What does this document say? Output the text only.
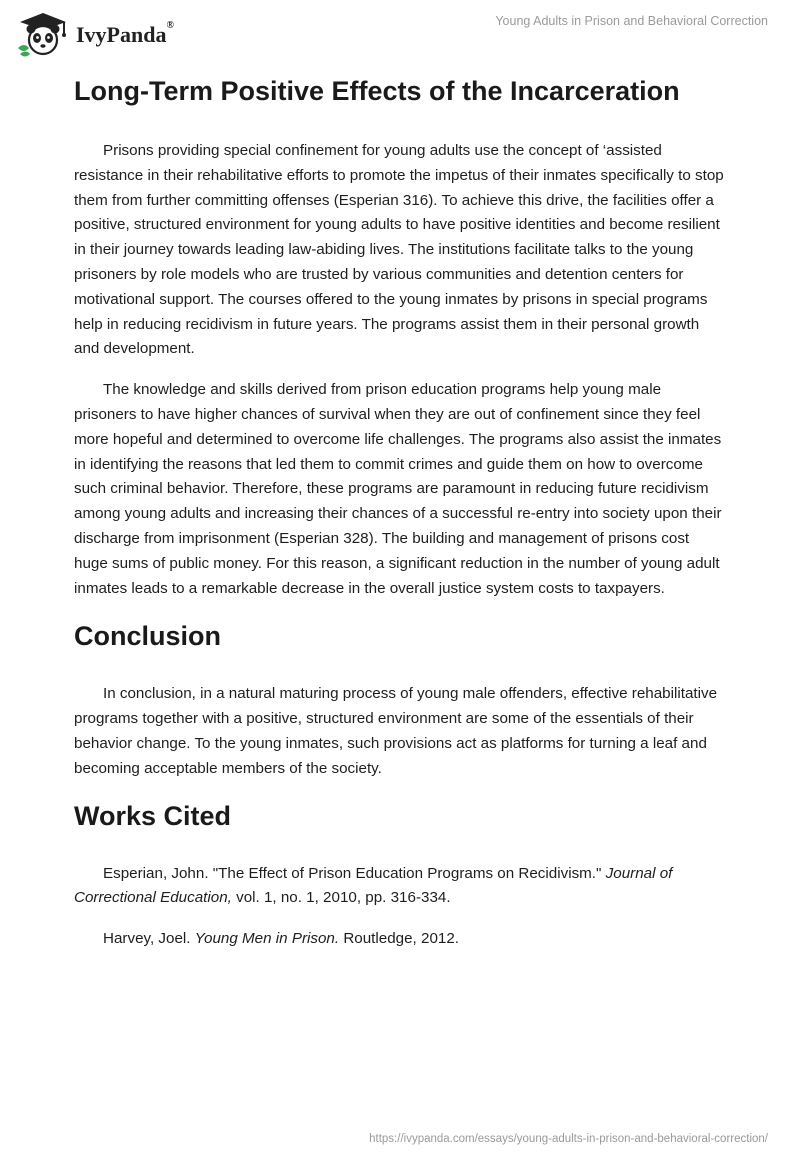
IvyPanda®	Young Adults in Prison and Behavioral Correction
Long-Term Positive Effects of the Incarceration

Prisons providing special confinement for young adults use the concept of ‘assisted resistance in their rehabilitative efforts to promote the impetus of their inmates specifically to stop them from further committing offenses (Esperian 316). To achieve this drive, the facilities offer a positive, structured environment for young adults to have positive identities and become resilient in their journey towards leading law-abiding lives. The institutions facilitate talks to the young prisoners by role models who are trusted by various communities and detention centers for motivational support. The courses offered to the young inmates by prisons in special programs help in reducing recidivism in future years. The programs assist them in their personal growth and development.

The knowledge and skills derived from prison education programs help young male prisoners to have higher chances of survival when they are out of confinement since they feel more hopeful and determined to overcome life challenges. The programs also assist the inmates in identifying the reasons that led them to commit crimes and guide them on how to overcome such criminal behavior. Therefore, these programs are paramount in reducing future recidivism among young adults and increasing their chances of a successful re-entry into society upon their discharge from imprisonment (Esperian 328). The building and management of prisons cost huge sums of public money. For this reason, a significant reduction in the number of young adult inmates leads to a remarkable decrease in the overall justice system costs to taxpayers.

Conclusion

In conclusion, in a natural maturing process of young male offenders, effective rehabilitative programs together with a positive, structured environment are some of the essentials of their behavior change. To the young inmates, such provisions act as platforms for turning a leaf and becoming acceptable members of the society.

Works Cited

Esperian, John. "The Effect of Prison Education Programs on Recidivism." Journal of Correctional Education, vol. 1, no. 1, 2010, pp. 316-334.

Harvey, Joel. Young Men in Prison. Routledge, 2012.

https://ivypanda.com/essays/young-adults-in-prison-and-behavioral-correction/
